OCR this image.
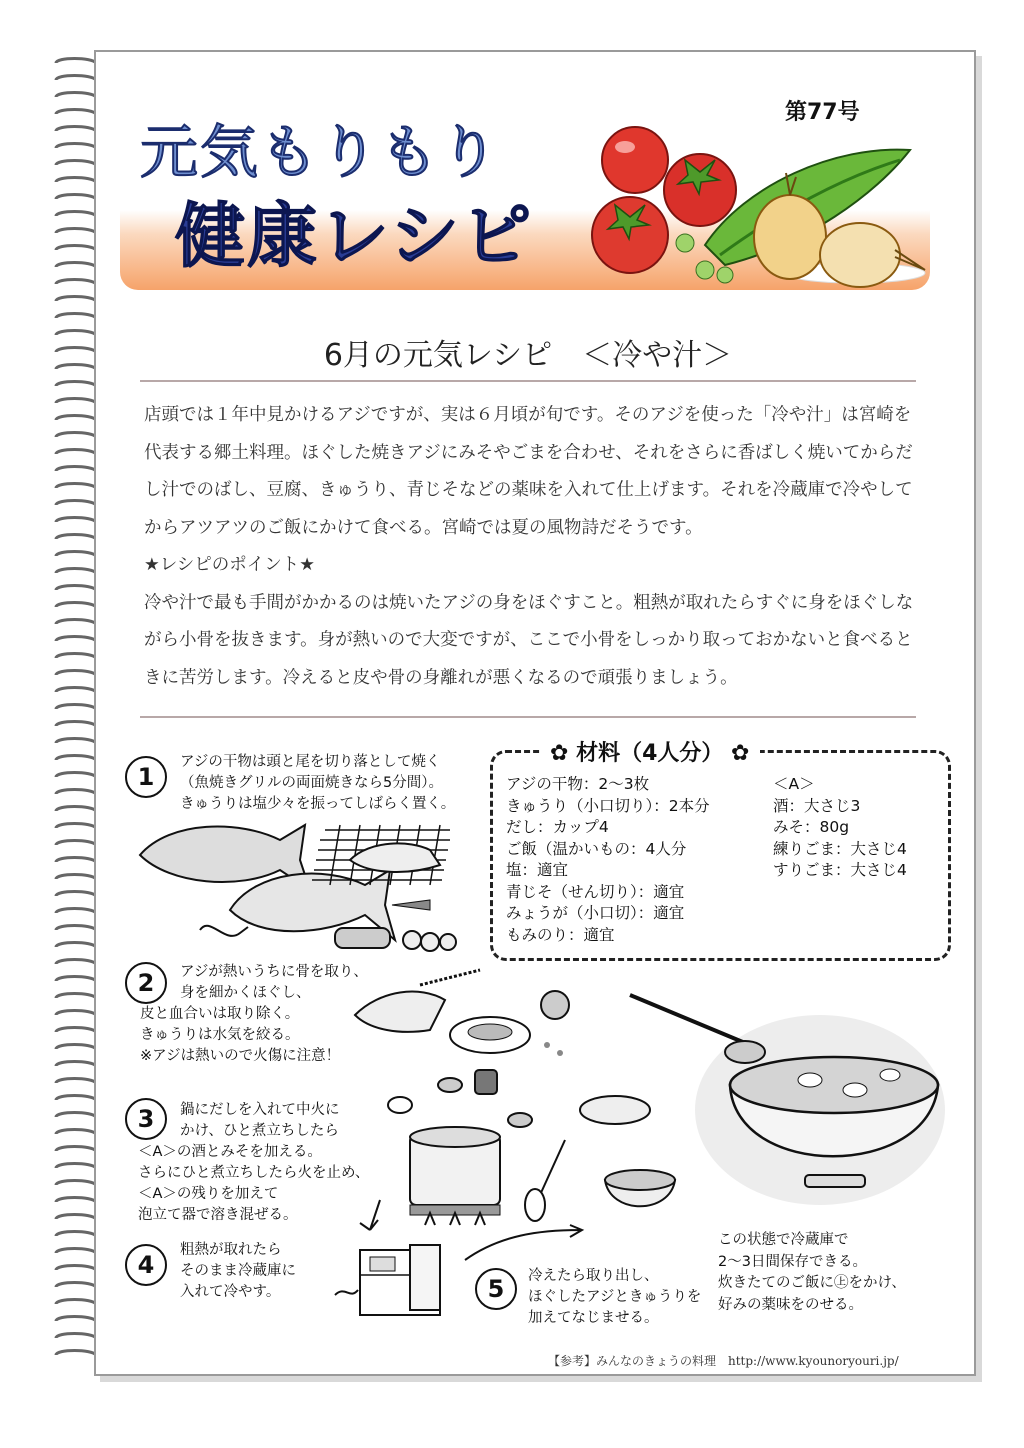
元気もりもり
健康レシピ
第77号
6月の元気レシピ　＜冷や汁＞

店頭では１年中見かけるアジですが、実は６月頃が旬です。そのアジを使った「冷や汁」は宮崎を代表する郷土料理。ほぐした焼きアジにみそやごまを合わせ、それをさらに香ばしく焼いてからだし汁でのばし、豆腐、きゅうり、青じそなどの薬味を入れて仕上げます。それを冷蔵庫で冷やしてからアツアツのご飯にかけて食べる。宮崎では夏の風物詩だそうです。

★レシピのポイント★

冷や汁で最も手間がかかるのは焼いたアジの身をほぐすこと。粗熱が取れたらすぐに身をほぐしながら小骨を抜きます。身が熱いので大変ですが、ここで小骨をしっかり取っておかないと食べるときに苦労します。冷えると皮や骨の身離れが悪くなるので頑張りましょう。

✿ 材料（4人分） ✿
アジの干物：2〜3枚
きゅうり（小口切り）：2本分
だし：カップ4
ご飯（温かいもの：4人分
塩：適宜
青じそ（せん切り）：適宜
みょうが（小口切）：適宜
もみのり：適宜
＜A＞
酒：大さじ3
みそ：80g
練りごま：大さじ4
すりごま：大さじ4
1
アジの干物は頭と尾を切り落として焼く
（魚焼きグリルの両面焼きなら5分間）。
きゅうりは塩少々を振ってしばらく置く。
2	アジが熱いうちに骨を取り、
身を細かくほぐし、
皮と血合いは取り除く。
きゅうりは水気を絞る。
※アジは熱いので火傷に注意！
3	鍋にだしを入れて中火に
かけ、ひと煮立ちしたら
＜A＞の酒とみそを加える。
さらにひと煮立ちしたら火を止め、
＜A＞の残りを加えて
泡立て器で溶き混ぜる。
4
粗熱が取れたら
そのまま冷蔵庫に
入れて冷やす。	5	冷えたら取り出し、
ほぐしたアジときゅうりを
加えてなじませる。
この状態で冷蔵庫で
2〜3日間保存できる。
炊きたてのご飯に㊤をかけ、
好みの薬味をのせる。
【参考】みんなのきょうの料理　http://www.kyounoryouri.jp/
